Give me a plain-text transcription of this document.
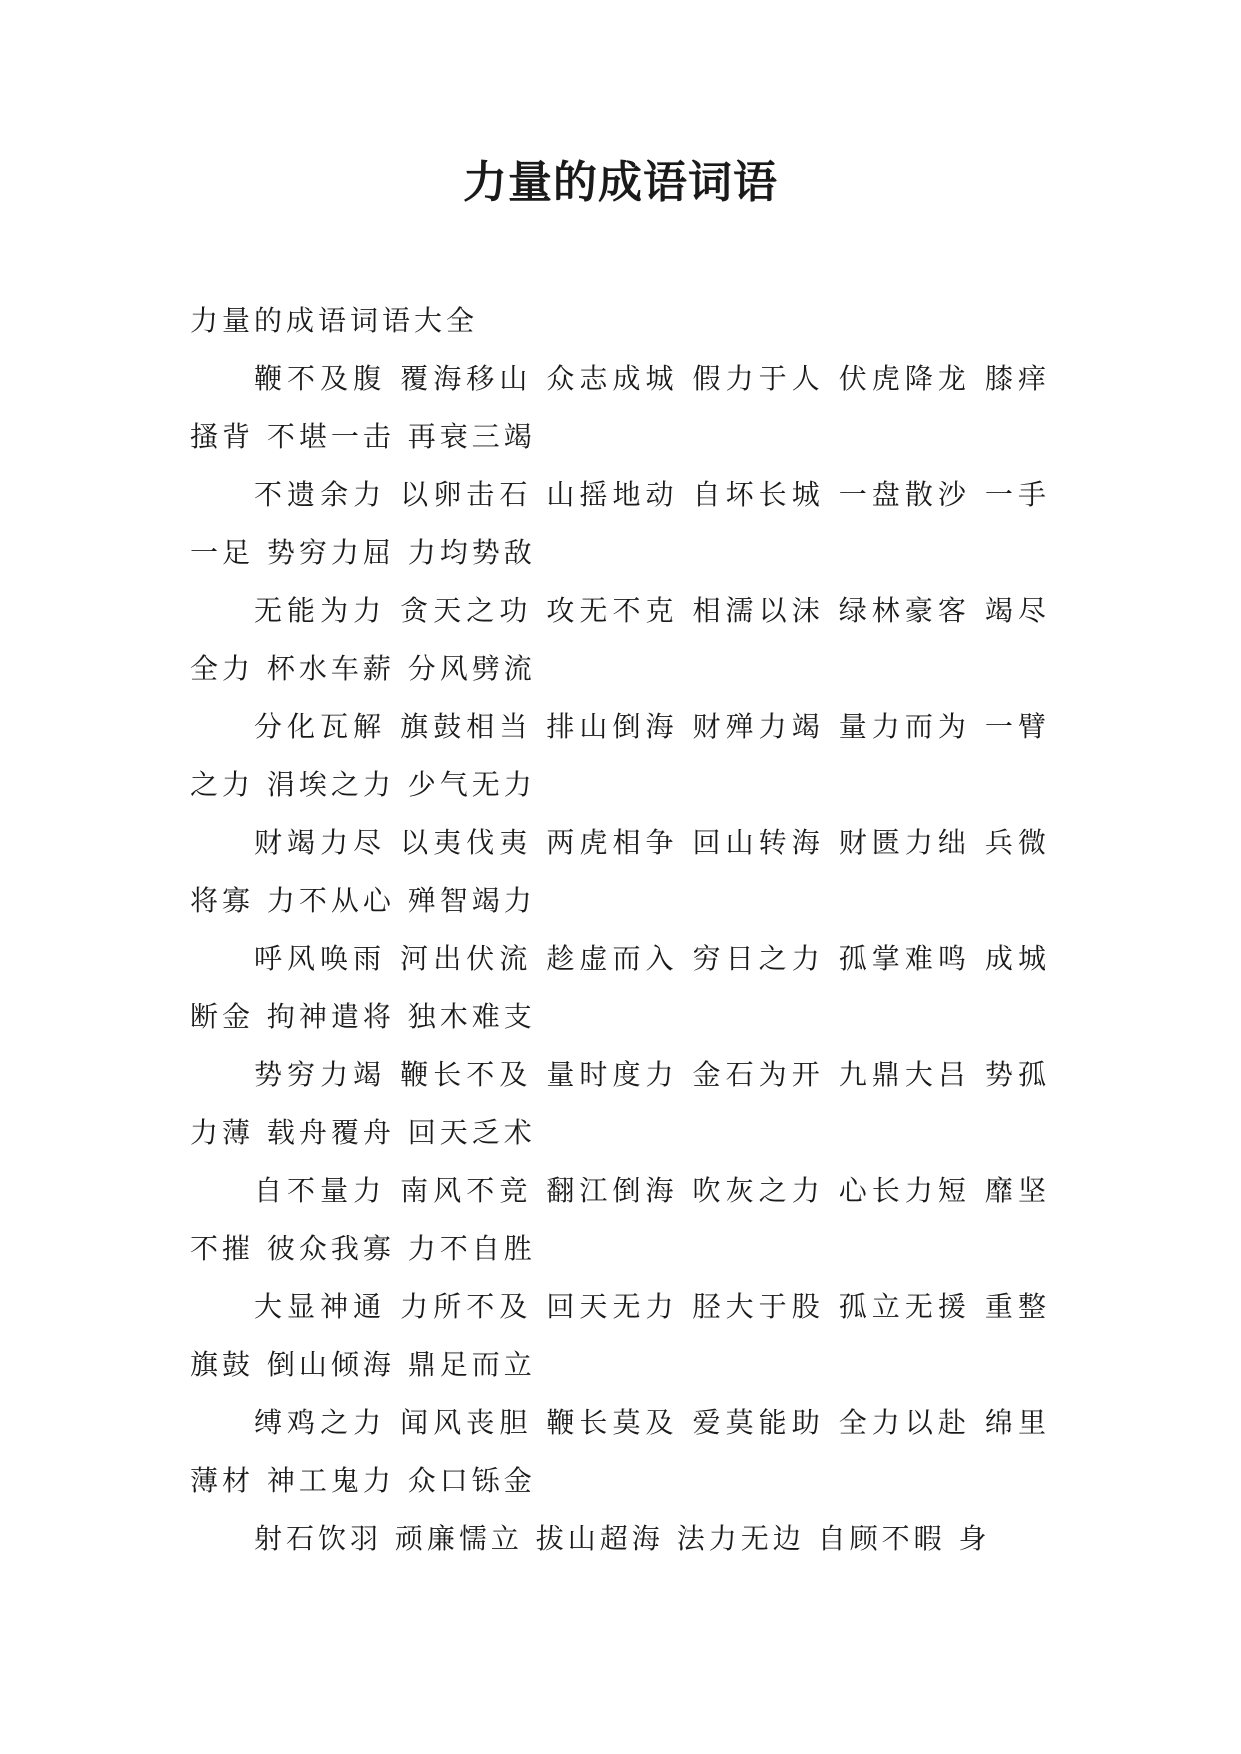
力量的成语词语
力量的成语词语大全

鞭不及腹 覆海移山 众志成城 假力于人 伏虎降龙 膝痒搔背 不堪一击 再衰三竭

不遗余力 以卵击石 山摇地动 自坏长城 一盘散沙 一手一足 势穷力屈 力均势敌

无能为力 贪天之功 攻无不克 相濡以沫 绿林豪客 竭尽全力 杯水车薪 分风劈流

分化瓦解 旗鼓相当 排山倒海 财殚力竭 量力而为 一臂之力 涓埃之力 少气无力

财竭力尽 以夷伐夷 两虎相争 回山转海 财匮力绌 兵微将寡 力不从心 殚智竭力

呼风唤雨 河出伏流 趁虚而入 穷日之力 孤掌难鸣 成城断金 拘神遣将 独木难支

势穷力竭 鞭长不及 量时度力 金石为开 九鼎大吕 势孤力薄 载舟覆舟 回天乏术

自不量力 南风不竞 翻江倒海 吹灰之力 心长力短 靡坚不摧 彼众我寡 力不自胜

大显神通 力所不及 回天无力 胫大于股 孤立无援 重整旗鼓 倒山倾海 鼎足而立

缚鸡之力 闻风丧胆 鞭长莫及 爱莫能助 全力以赴 绵里薄材 神工鬼力 众口铄金

射石饮羽 顽廉懦立 拔山超海 法力无边 自顾不暇 身
